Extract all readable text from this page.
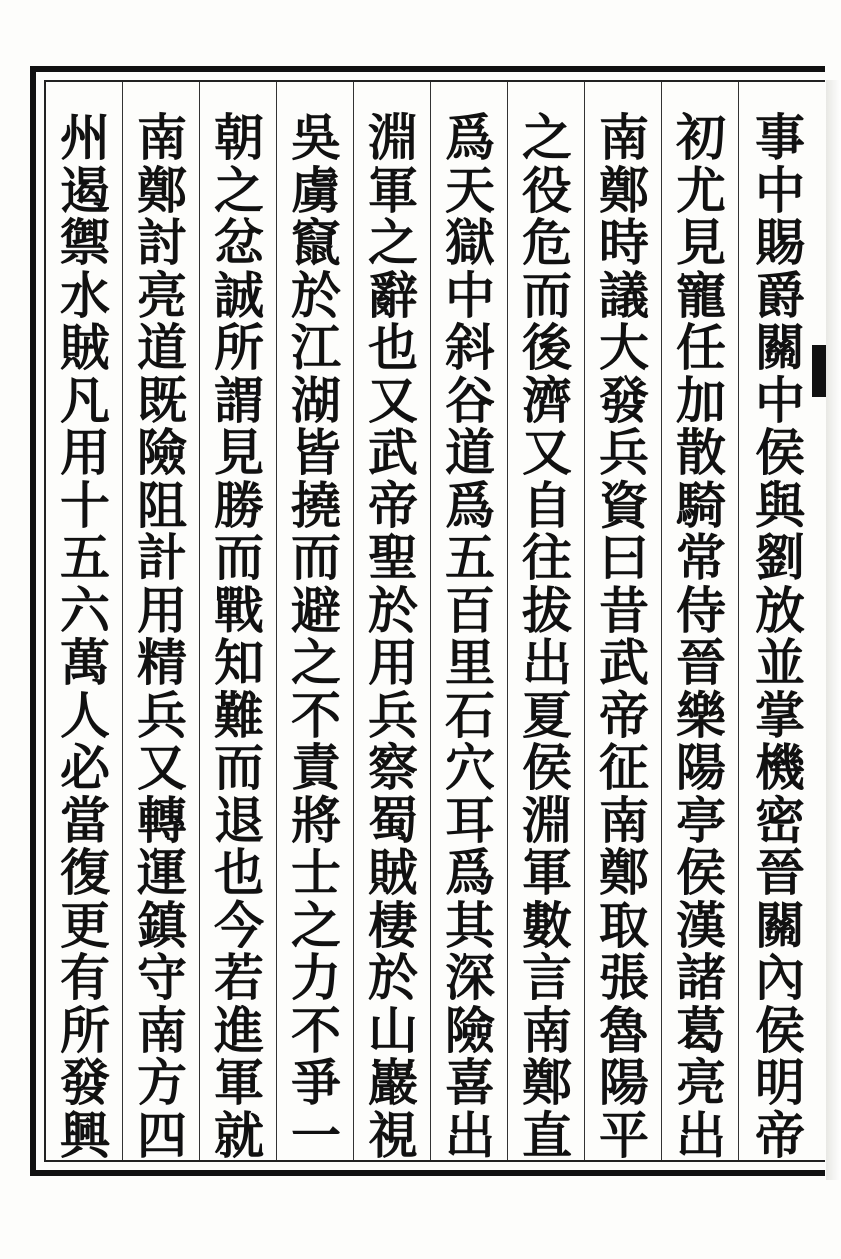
事
中
賜
爵
關
中
侯
與
劉
放
並
掌
機
密
晉
關
內
侯
明
帝
初
尤
見
寵
任
加
散
騎
常
侍
晉
樂
陽
亭
侯
漢
諸
葛
亮
出
南
鄭
時
議
大
發
兵
資
曰
昔
武
帝
征
南
鄭
取
張
魯
陽
平
之
役
危
而
後
濟
又
自
往
拔
出
夏
侯
淵
軍
數
言
南
鄭
直
爲
天
獄
中
斜
谷
道
爲
五
百
里
石
穴
耳
爲
其
深
險
喜
出
淵
軍
之
辭
也
又
武
帝
聖
於
用
兵
察
蜀
賊
棲
於
山
巖
視
吳
虜
竄
於
江
湖
皆
撓
而
避
之
不
責
將
士
之
力
不
爭
一
朝
之
忿
誠
所
謂
見
勝
而
戰
知
難
而
退
也
今
若
進
軍
就
南
鄭
討
亮
道
既
險
阻
計
用
精
兵
又
轉
運
鎮
守
南
方
四
州
遏
禦
水
賊
凡
用
十
五
六
萬
人
必
當
復
更
有
所
發
興
